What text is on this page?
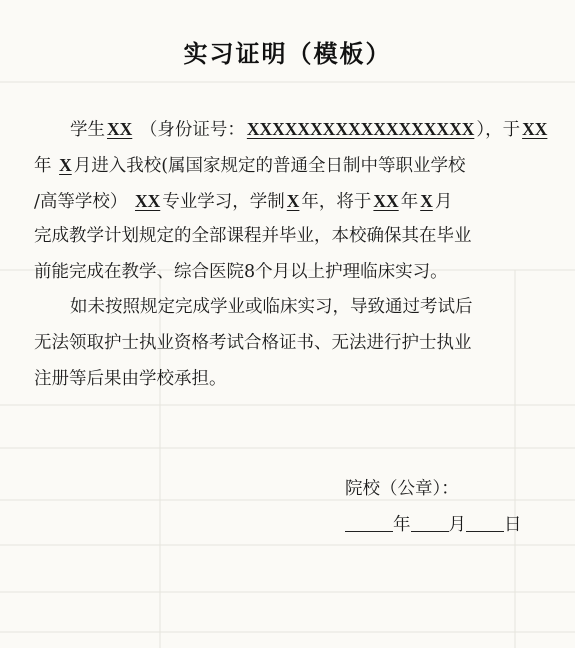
实习证明（模板）
学生 XX （身份证号： XXXXXXXXXXXXXXXXXX ），于 XX
年 X 月进入我校(属国家规定的普通全日制中等职业学校
/高等学校） XX 专业学习，学制 X 年，将于 XX 年 X 月
完成教学计划规定的全部课程并毕业，本校确保其在毕业
前能完成在教学、综合医院8个月以上护理临床实习。
如未按照规定完成学业或临床实习，导致通过考试后
无法领取护士执业资格考试合格证书、无法进行护士执业
注册等后果由学校承担。
院校（公章）：
年 月 日
